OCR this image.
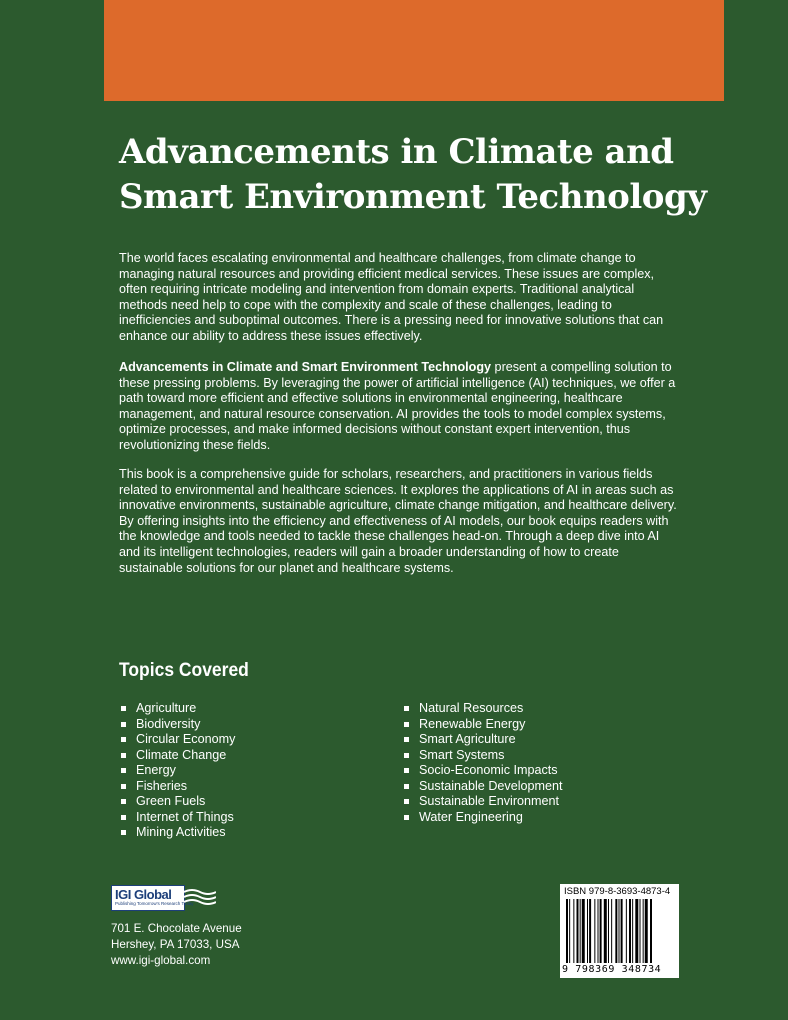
Advancements in Climate and
Smart Environment Technology

The world faces escalating environmental and healthcare challenges, from climate change to managing natural resources and providing efficient medical services. These issues are complex, often requiring intricate modeling and intervention from domain experts. Traditional analytical methods need help to cope with the complexity and scale of these challenges, leading to inefficiencies and suboptimal outcomes. There is a pressing need for innovative solutions that can enhance our ability to address these issues effectively.

Advancements in Climate and Smart Environment Technology present a compelling solution to these pressing problems. By leveraging the power of artificial intelligence (AI) techniques, we offer a path toward more efficient and effective solutions in environmental engineering, healthcare management, and natural resource conservation. AI provides the tools to model complex systems, optimize processes, and make informed decisions without constant expert intervention, thus revolutionizing these fields.

This book is a comprehensive guide for scholars, researchers, and practitioners in various fields related to environmental and healthcare sciences. It explores the applications of AI in areas such as innovative environments, sustainable agriculture, climate change mitigation, and healthcare delivery. By offering insights into the efficiency and effectiveness of AI models, our book equips readers with the knowledge and tools needed to tackle these challenges head-on. Through a deep dive into AI and its intelligent technologies, readers will gain a broader understanding of how to create sustainable solutions for our planet and healthcare systems.

Topics Covered
Agriculture
Biodiversity
Circular Economy
Climate Change
Energy
Fisheries
Green Fuels
Internet of Things
Mining Activities
Natural Resources
Renewable Energy
Smart Agriculture
Smart Systems
Socio-Economic Impacts
Sustainable Development
Sustainable Environment
Water Engineering
IGI Global
Publishing Tomorrow's Research Today

701 E. Chocolate Avenue
Hershey, PA 17033, USA
www.igi-global.com

ISBN 979-8-3693-4873-4
9 798369 348734
